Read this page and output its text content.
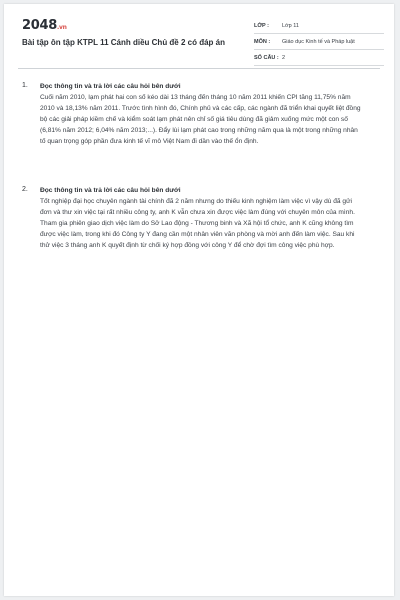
2048.vn
Bài tập ôn tập KTPL 11 Cánh diều Chủ đề 2 có đáp án
LỚP :	Lớp 11
MÔN :	Giáo dục Kinh tế và Pháp luật
SỐ CÂU : 2
1. Đọc thông tin và trả lời các câu hỏi bên dưới
Cuối năm 2010, lạm phát hai con số kéo dài 13 tháng đến tháng 10 năm 2011 khiến CPI tăng 11,75% năm 2010 và 18,13% năm 2011. Trước tình hình đó, Chính phủ và các cấp, các ngành đã triển khai quyết liệt đồng bộ các giải pháp kiềm chế và kiểm soát lạm phát nên chỉ số giá tiêu dùng đã giảm xuống mức một con số (6,81% năm 2012; 6,04% năm 2013;...). Đẩy lùi lạm phát cao trong những năm qua là một trong những nhân tố quan trọng góp phần đưa kinh tế vĩ mô Việt Nam đi dần vào thế ổn định.
2. Đọc thông tin và trả lời các câu hỏi bên dưới
Tốt nghiệp đại học chuyên ngành tài chính đã 2 năm nhưng do thiếu kinh nghiệm làm việc vì vậy dù đã gửi đơn và thư xin việc tại rất nhiều công ty, anh K vẫn chưa xin được việc làm đúng với chuyên môn của mình. Tham gia phiên giao dịch việc làm do Sở Lao động - Thương binh và Xã hội tổ chức, anh K cũng không tìm được việc làm, trong khi đó Công ty Y đang cần một nhân viên văn phòng và mời anh đến làm việc. Sau khi thử việc 3 tháng anh K quyết định từ chối ký hợp đồng với công Y để chờ đợi tìm công việc phù hợp.
